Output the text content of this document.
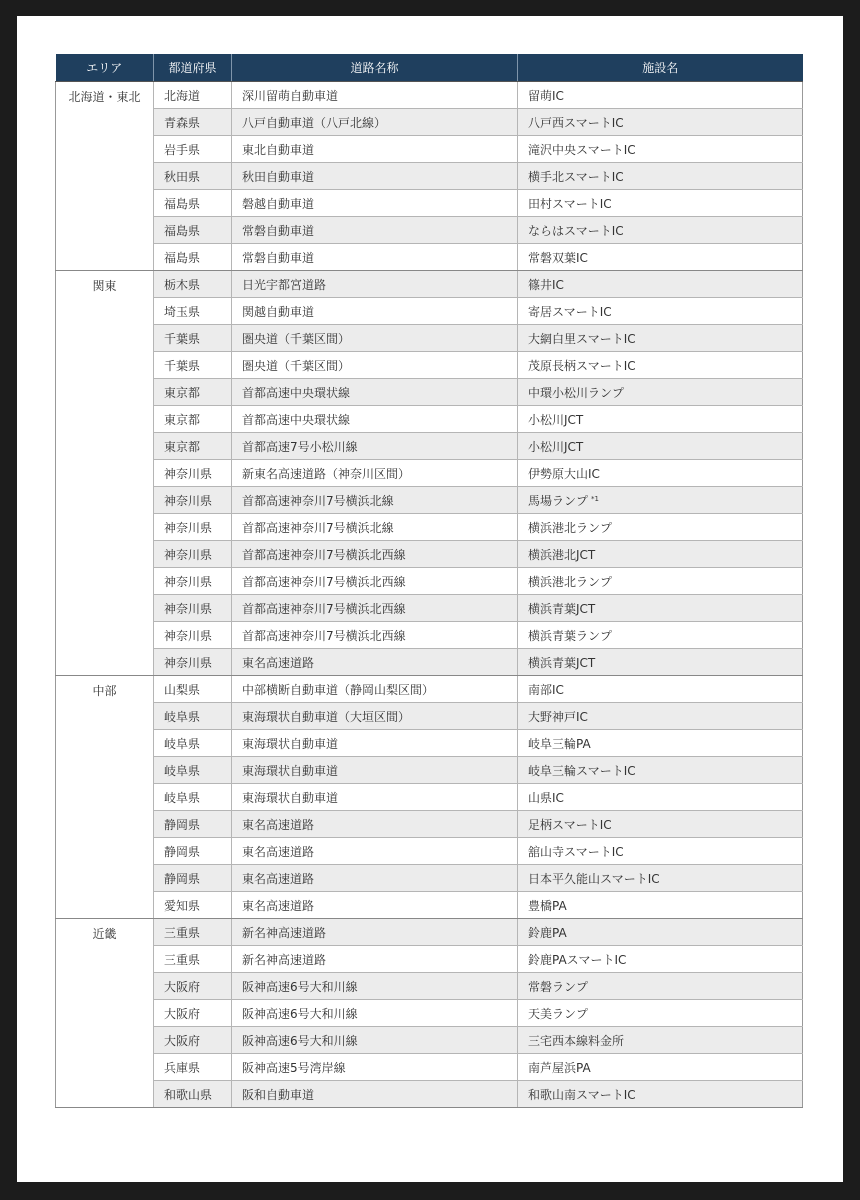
エリア	都道府県	道路名称	施設名
北海道・東北	北海道	深川留萌自動車道	留萌IC
	青森県	八戸自動車道（八戸北線）	八戸西スマートIC
	岩手県	東北自動車道	滝沢中央スマートIC
	秋田県	秋田自動車道	横手北スマートIC
	福島県	磐越自動車道	田村スマートIC
	福島県	常磐自動車道	ならはスマートIC
	福島県	常磐自動車道	常磐双葉IC
関東	栃木県	日光宇都宮道路	篠井IC
	埼玉県	関越自動車道	寄居スマートIC
	千葉県	圏央道（千葉区間）	大網白里スマートIC
	千葉県	圏央道（千葉区間）	茂原長柄スマートIC
	東京都	首都高速中央環状線	中環小松川ランプ
	東京都	首都高速中央環状線	小松川JCT
	東京都	首都高速7号小松川線	小松川JCT
	神奈川県	新東名高速道路（神奈川区間）	伊勢原大山IC
	神奈川県	首都高速神奈川7号横浜北線	馬場ランプ $^{*1}$
	神奈川県	首都高速神奈川7号横浜北線	横浜港北ランプ
	神奈川県	首都高速神奈川7号横浜北西線	横浜港北JCT
	神奈川県	首都高速神奈川7号横浜北西線	横浜港北ランプ
	神奈川県	首都高速神奈川7号横浜北西線	横浜青葉JCT
	神奈川県	首都高速神奈川7号横浜北西線	横浜青葉ランプ
	神奈川県	東名高速道路	横浜青葉JCT
中部	山梨県	中部横断自動車道（静岡山梨区間）	南部IC
	岐阜県	東海環状自動車道（大垣区間）	大野神戸IC
	岐阜県	東海環状自動車道	岐阜三輪PA
	岐阜県	東海環状自動車道	岐阜三輪スマートIC
	岐阜県	東海環状自動車道	山県IC
	静岡県	東名高速道路	足柄スマートIC
	静岡県	東名高速道路	舘山寺スマートIC
	静岡県	東名高速道路	日本平久能山スマートIC
	愛知県	東名高速道路	豊橋PA
近畿	三重県	新名神高速道路	鈴鹿PA
	三重県	新名神高速道路	鈴鹿PAスマートIC
	大阪府	阪神高速6号大和川線	常磐ランプ
	大阪府	阪神高速6号大和川線	天美ランプ
	大阪府	阪神高速6号大和川線	三宅西本線料金所
	兵庫県	阪神高速5号湾岸線	南芦屋浜PA
	和歌山県	阪和自動車道	和歌山南スマートIC
